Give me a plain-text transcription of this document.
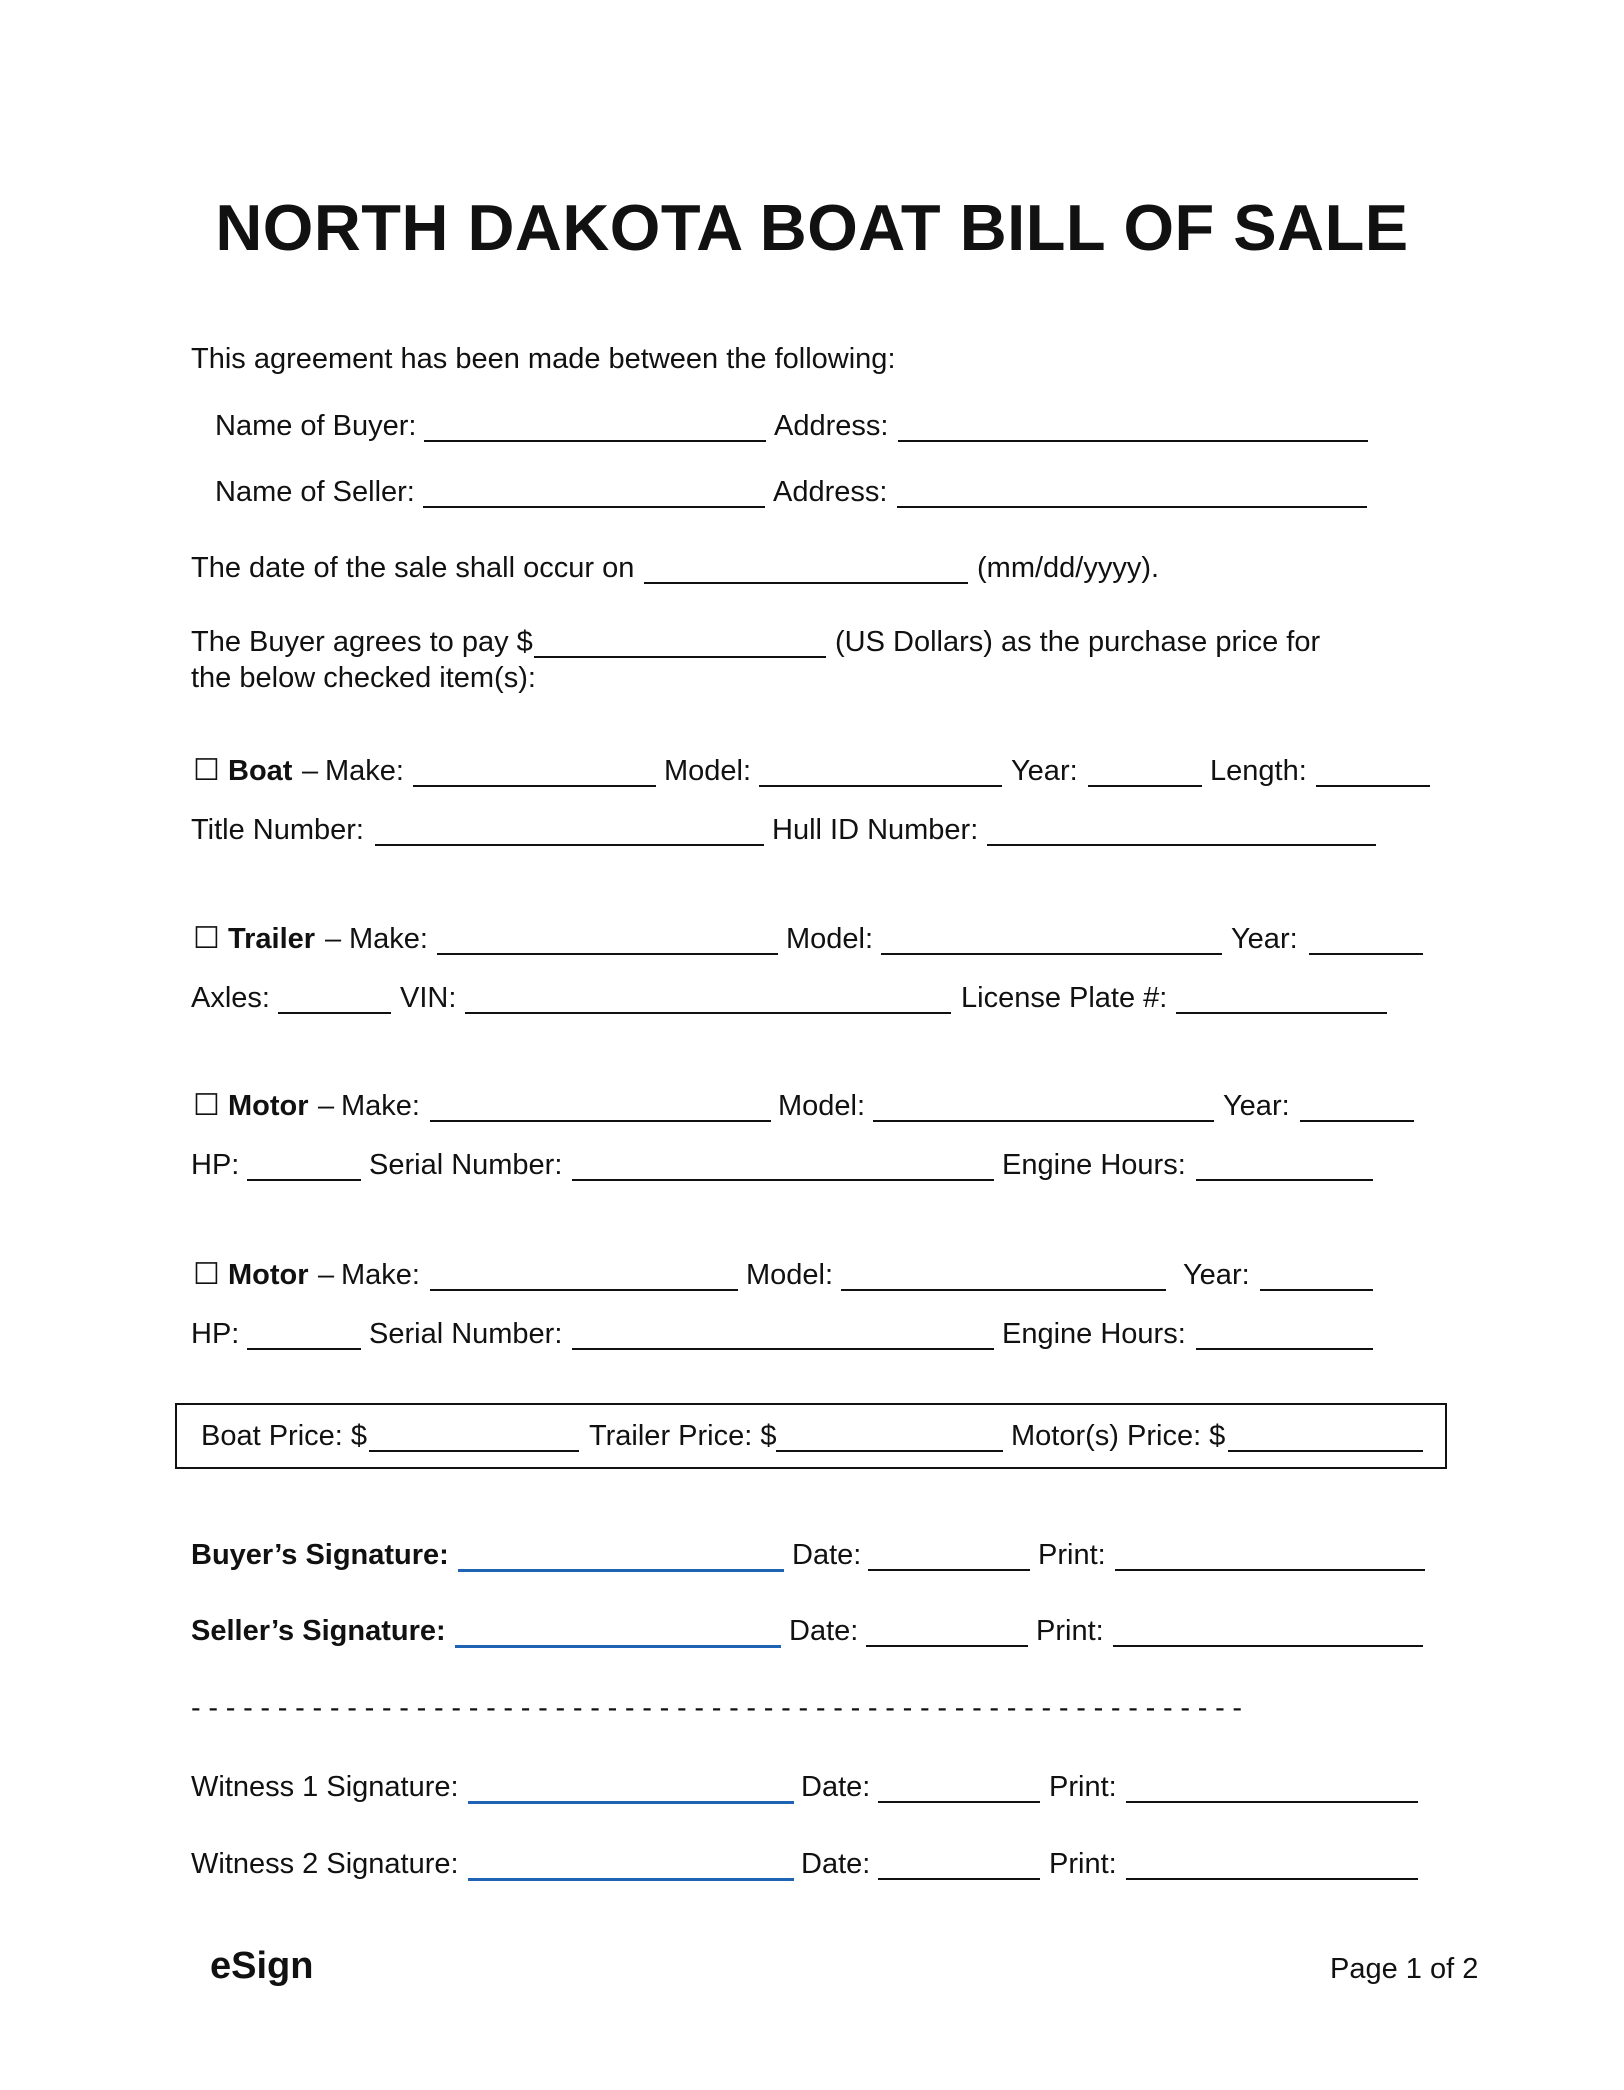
NORTH DAKOTA BOAT BILL OF SALE
This agreement has been made between the following:
Name of Buyer:	Address:
Name of Seller:	Address:
The date of the sale shall occur on	(mm/dd/yyyy).
The Buyer agrees to pay $	(US Dollars) as the purchase price for
the below checked item(s):
☐ Boat – Make:	Model:	Year:	Length:
Title Number:	Hull ID Number:
☐ Trailer – Make:	Model:	Year:
Axles:	VIN:	License Plate #:
☐ Motor – Make:	Model:	Year:
HP:	Serial Number:	Engine Hours:
☐ Motor – Make:	Model:	Year:
HP:	Serial Number:	Engine Hours:
Boat Price: $	Trailer Price: $	Motor(s) Price: $
Buyer’s Signature:	Date:	Print:
Seller’s Signature:	Date:	Print:
-------------------------------------------------------------
Witness 1 Signature:	Date:	Print:
Witness 2 Signature:	Date:	Print:
eSign	Page 1 of 2
